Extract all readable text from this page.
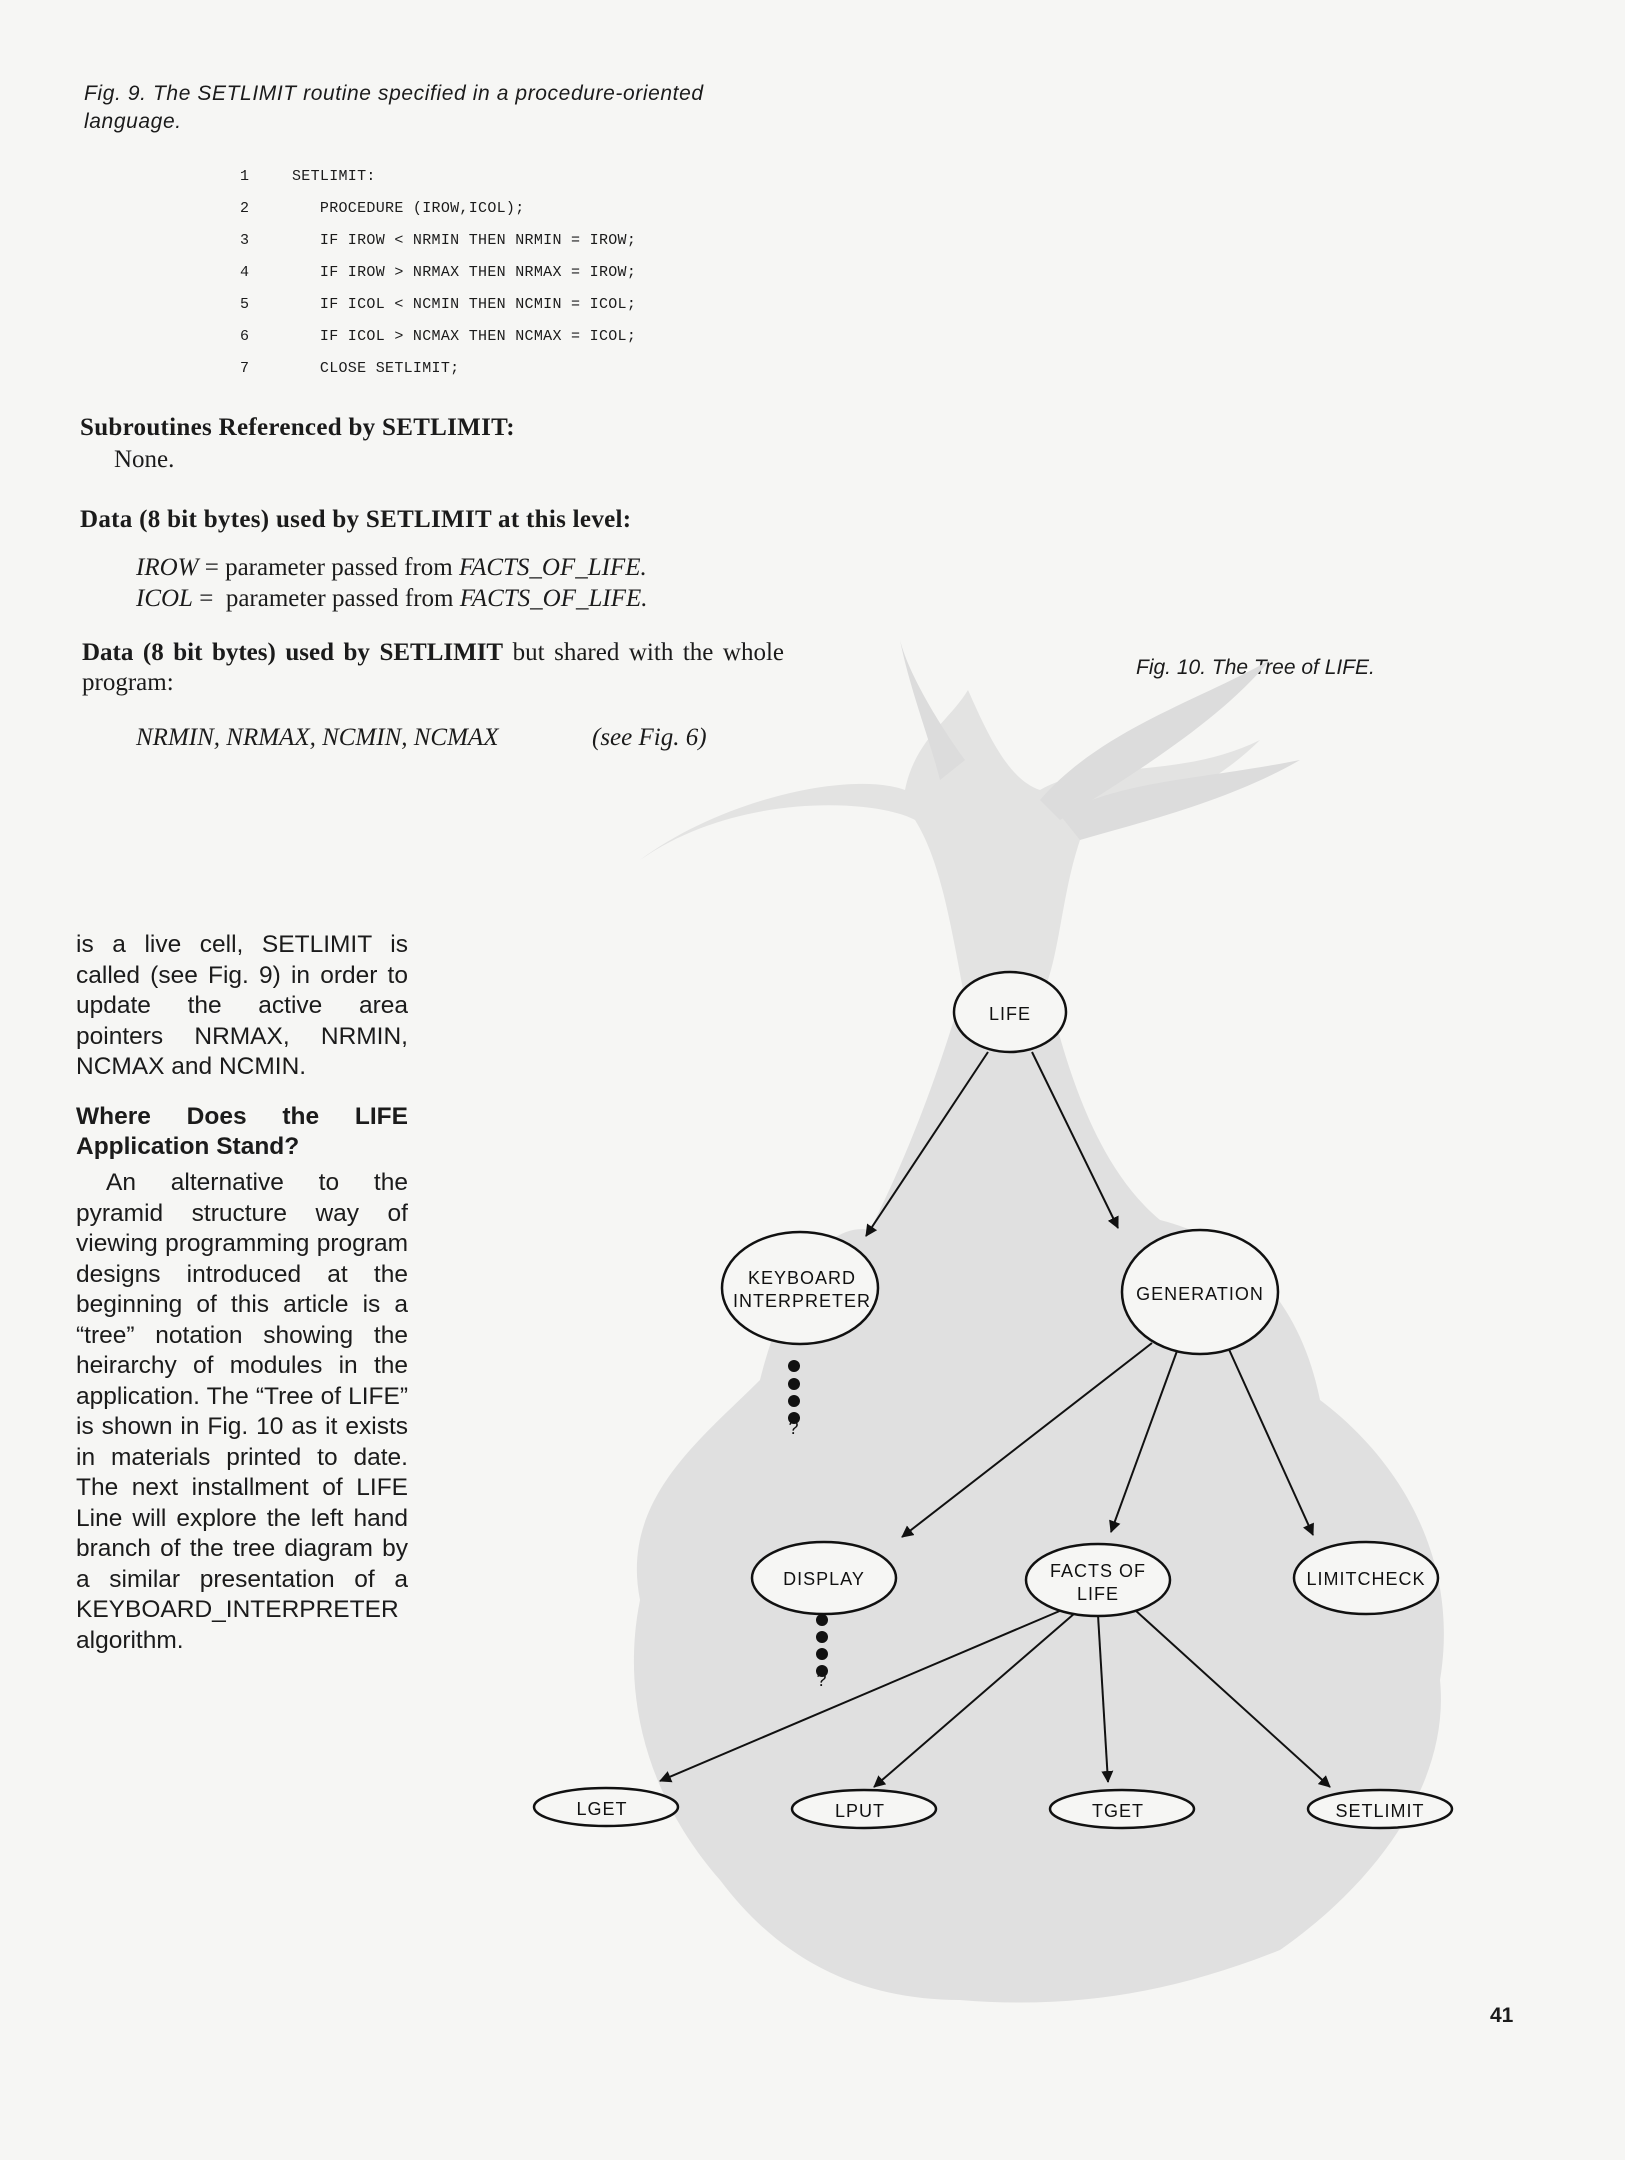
Fig. 9. The SETLIMIT routine specified in a procedure-oriented language.
1	SETLIMIT:
2	PROCEDURE (IROW,ICOL);
3	IF IROW < NRMIN THEN NRMIN = IROW;
4	IF IROW > NRMAX THEN NRMAX = IROW;
5	IF ICOL < NCMIN THEN NCMIN = ICOL;
6	IF ICOL > NCMAX THEN NCMAX = ICOL;
7	CLOSE SETLIMIT;
Subroutines Referenced by SETLIMIT:
None.
Data (8 bit bytes) used by SETLIMIT at this level:
IROW = parameter passed from FACTS_OF_LIFE.
ICOL =  parameter passed from FACTS_OF_LIFE.
Data (8 bit bytes) used by SETLIMIT but shared with the whole program:
NRMIN, NRMAX, NCMIN, NCMAX	(see Fig. 6)

is a live cell, SETLIMIT is called (see Fig. 9) in order to update the active area pointers NRMAX, NRMIN, NCMAX and NCMIN.

Where Does the LIFE Application Stand?

An alternative to the pyramid structure way of viewing programming program designs introduced at the beginning of this article is a “tree” notation showing the heirarchy of modules in the application. The “Tree of LIFE” is shown in Fig. 10 as it exists in materials printed to date. The next installment of LIFE Line will explore the left hand branch of the tree diagram by a similar presentation of a KEYBOARD_INTERPRETER algorithm.

Fig. 10. The Tree of LIFE.
LIFE
KEYBOARD
INTERPRETER	GENERATION
DISPLAY	FACTS OF
LIFE
LIMITCHECK
LGET	LPUT	TGET	SETLIMIT
?
?
41
